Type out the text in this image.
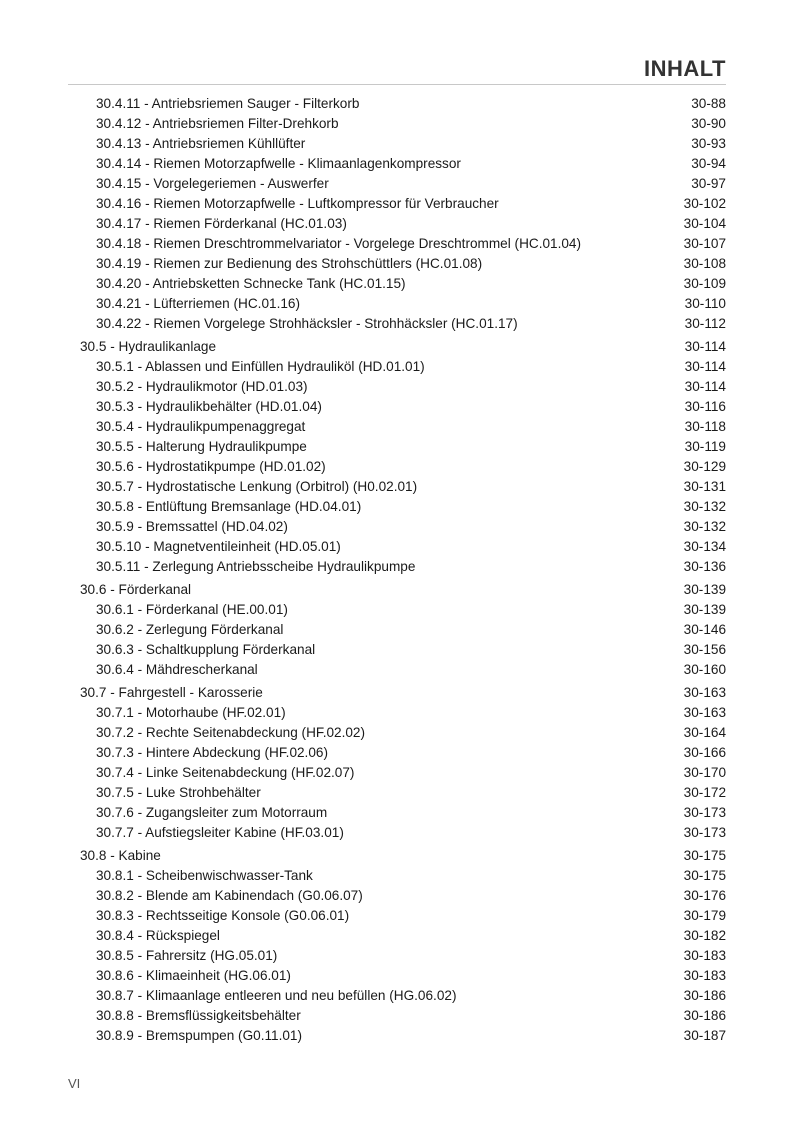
INHALT
30.4.11 - Antriebsriemen Sauger - Filterkorb	30-88
30.4.12 - Antriebsriemen Filter-Drehkorb	30-90
30.4.13 - Antriebsriemen Kühllüfter	30-93
30.4.14 - Riemen Motorzapfwelle - Klimaanlagenkompressor	30-94
30.4.15 - Vorgelegeriemen - Auswerfer	30-97
30.4.16 - Riemen Motorzapfwelle - Luftkompressor für Verbraucher	30-102
30.4.17 - Riemen Förderkanal (HC.01.03)	30-104
30.4.18 - Riemen Dreschtrommelvariator - Vorgelege Dreschtrommel (HC.01.04)	30-107
30.4.19 - Riemen zur Bedienung des Strohschüttlers (HC.01.08)	30-108
30.4.20 - Antriebsketten Schnecke Tank (HC.01.15)	30-109
30.4.21 - Lüfterriemen (HC.01.16)	30-110
30.4.22 - Riemen Vorgelege Strohhäcksler - Strohhäcksler (HC.01.17)	30-112
30.5 - Hydraulikanlage	30-114
30.5.1 - Ablassen und Einfüllen Hydrauliköl (HD.01.01)	30-114
30.5.2 - Hydraulikmotor (HD.01.03)	30-114
30.5.3 - Hydraulikbehälter (HD.01.04)	30-116
30.5.4 - Hydraulikpumpenaggregat	30-118
30.5.5 - Halterung Hydraulikpumpe	30-119
30.5.6 - Hydrostatikpumpe (HD.01.02)	30-129
30.5.7 - Hydrostatische Lenkung (Orbitrol) (H0.02.01)	30-131
30.5.8 - Entlüftung Bremsanlage (HD.04.01)	30-132
30.5.9 - Bremssattel (HD.04.02)	30-132
30.5.10 - Magnetventileinheit (HD.05.01)	30-134
30.5.11 - Zerlegung Antriebsscheibe Hydraulikpumpe	30-136
30.6 - Förderkanal	30-139
30.6.1 - Förderkanal (HE.00.01)	30-139
30.6.2 - Zerlegung Förderkanal	30-146
30.6.3 - Schaltkupplung Förderkanal	30-156
30.6.4 - Mähdrescherkanal	30-160
30.7 - Fahrgestell - Karosserie	30-163
30.7.1 - Motorhaube (HF.02.01)	30-163
30.7.2 - Rechte Seitenabdeckung (HF.02.02)	30-164
30.7.3 - Hintere Abdeckung (HF.02.06)	30-166
30.7.4 - Linke Seitenabdeckung (HF.02.07)	30-170
30.7.5 - Luke Strohbehälter	30-172
30.7.6 - Zugangsleiter zum Motorraum	30-173
30.7.7 - Aufstiegsleiter Kabine (HF.03.01)	30-173
30.8 - Kabine	30-175
30.8.1 - Scheibenwischwasser-Tank	30-175
30.8.2 - Blende am Kabinendach (G0.06.07)	30-176
30.8.3 - Rechtsseitige Konsole (G0.06.01)	30-179
30.8.4 - Rückspiegel	30-182
30.8.5 - Fahrersitz (HG.05.01)	30-183
30.8.6 - Klimaeinheit (HG.06.01)	30-183
30.8.7 - Klimaanlage entleeren und neu befüllen (HG.06.02)	30-186
30.8.8 - Bremsflüssigkeitsbehälter	30-186
30.8.9 - Bremspumpen (G0.11.01)	30-187
VI
